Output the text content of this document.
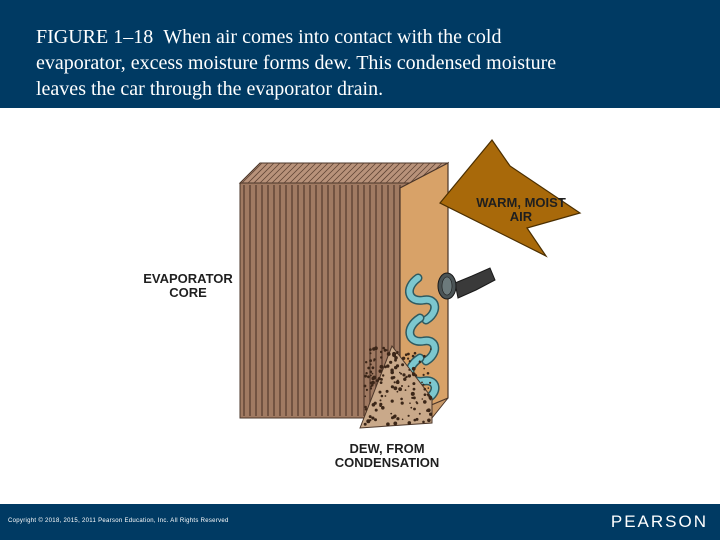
FIGURE 1–18 When air comes into contact with the cold
evaporator, excess moisture forms dew. This condensed moisture
leaves the car through the evaporator drain.
WARM, MOIST
AIR
EVAPORATOR
CORE
DEW, FROM
CONDENSATION
Copyright © 2018, 2015, 2011 Pearson Education, Inc. All Rights Reserved	PEARSON
